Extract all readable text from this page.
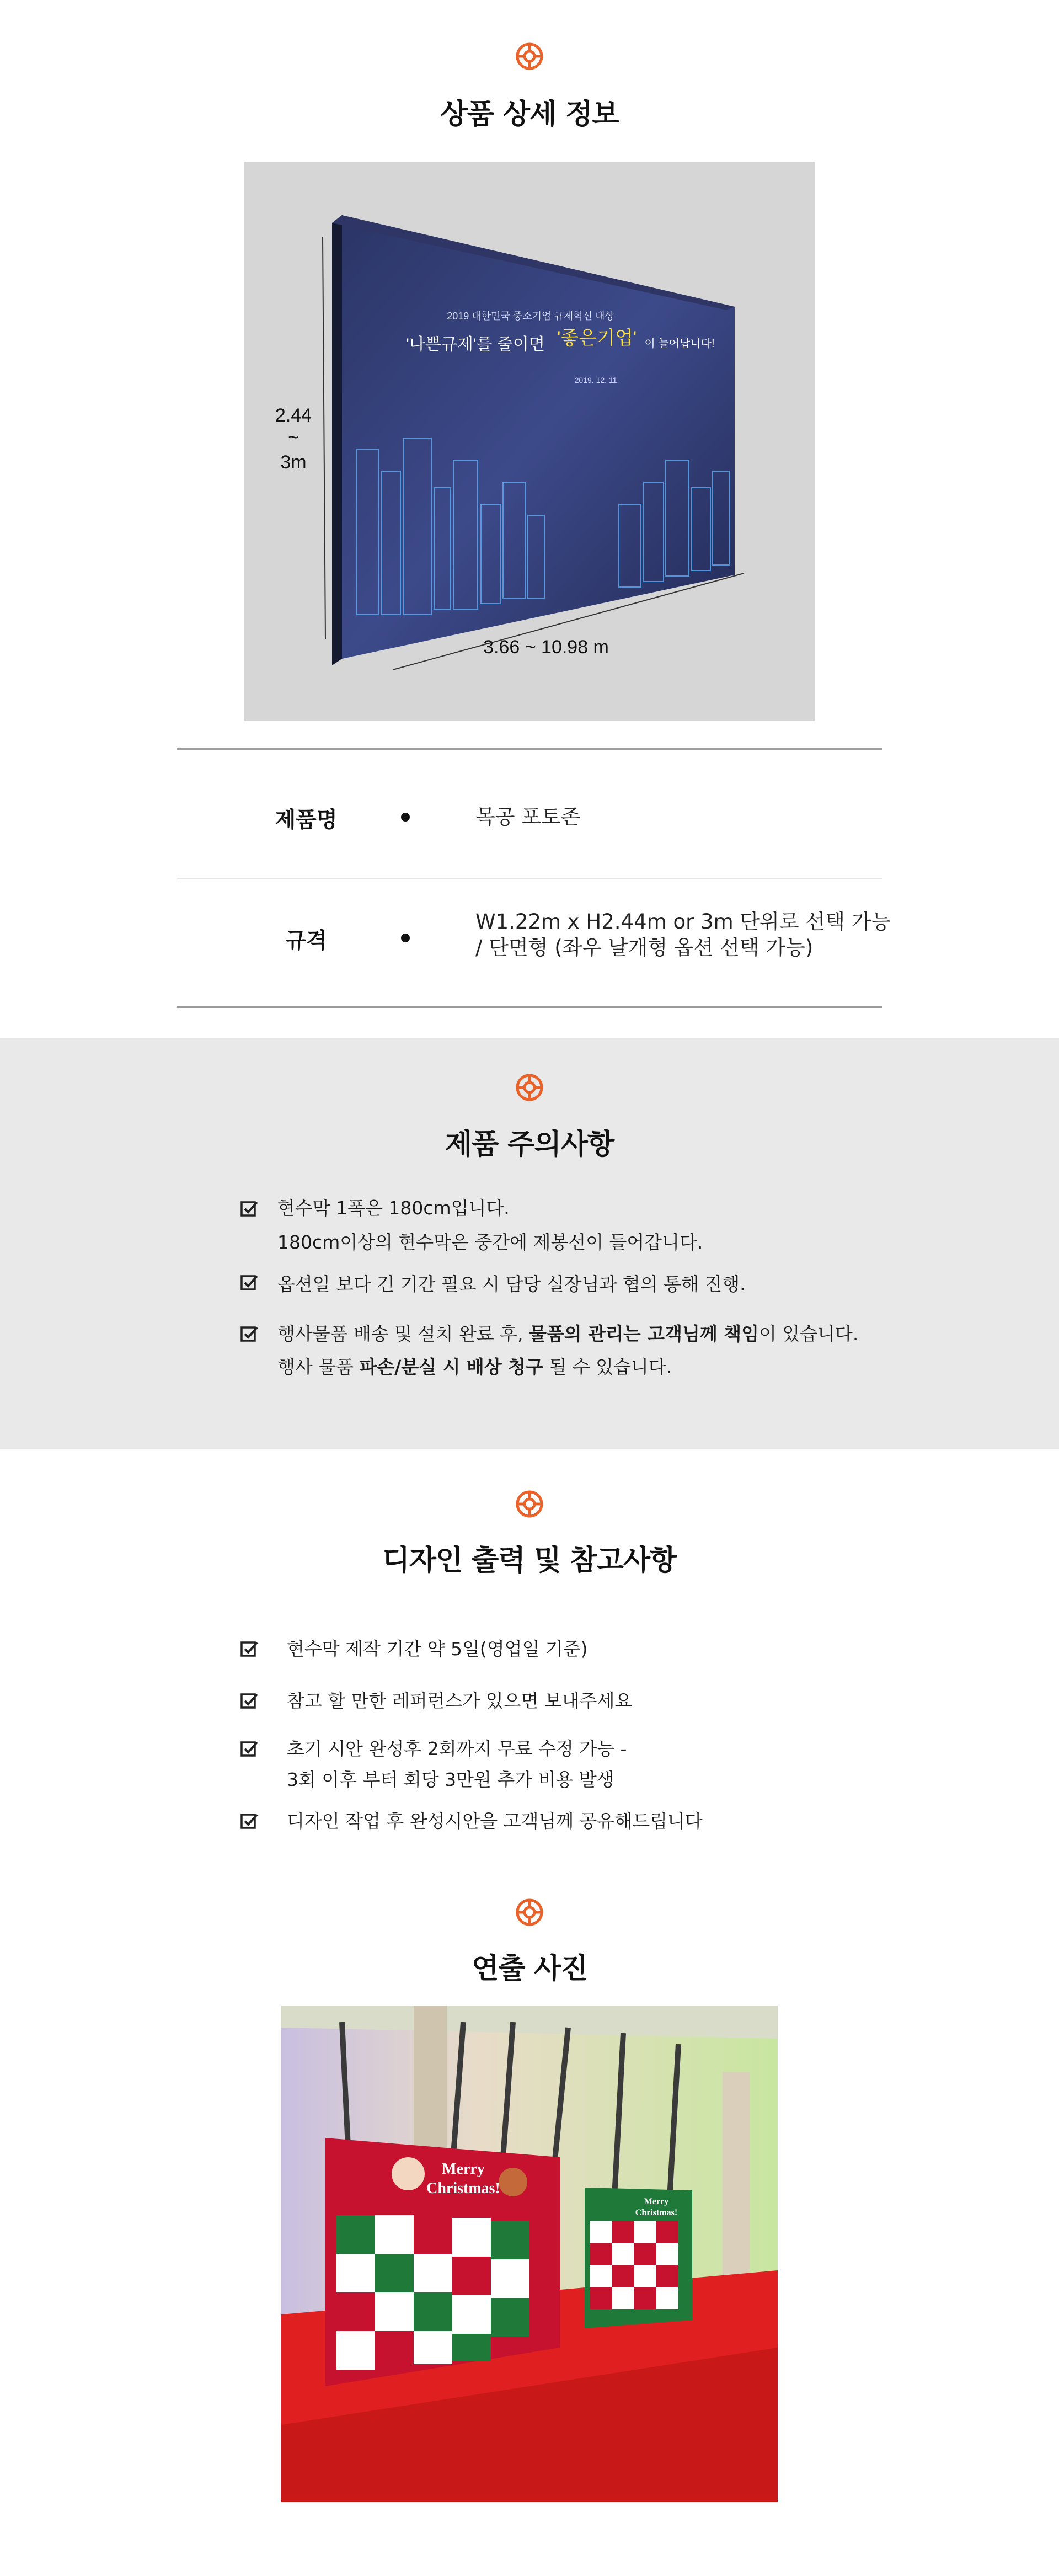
상품 상세 정보
2019 대한민국 중소기업 규제혁신 대상
'나쁜규제'를 줄이면 '좋은기업' 이 늘어납니다!
2019. 12. 11.
2.44
~
3m
3.66 ~ 10.98 m
제품명	목공 포토존
규격
W1.22m x H2.44m or 3m 단위로 선택 가능
/ 단면형 (좌우 날개형 옵션 선택 가능)
제품 주의사항
현수막 1폭은 180cm입니다.
180cm이상의 현수막은 중간에 제봉선이 들어갑니다.
옵션일 보다 긴 기간 필요 시 담당 실장님과 협의 통해 진행.
행사물품 배송 및 설치 완료 후, 물품의 관리는 고객님께 책임이 있습니다.
행사 물품 파손/분실 시 배상 청구 될 수 있습니다.
디자인 출력 및 참고사항
현수막 제작 기간 약 5일(영업일 기준)
참고 할 만한 레퍼런스가 있으면 보내주세요
초기 시안 완성후 2회까지 무료 수정 가능 -
3회 이후 부터 회당 3만원 추가 비용 발생
디자인 작업 후 완성시안을 고객님께 공유해드립니다
연출 사진
Merry
Christmas!
Merry
Christmas!
